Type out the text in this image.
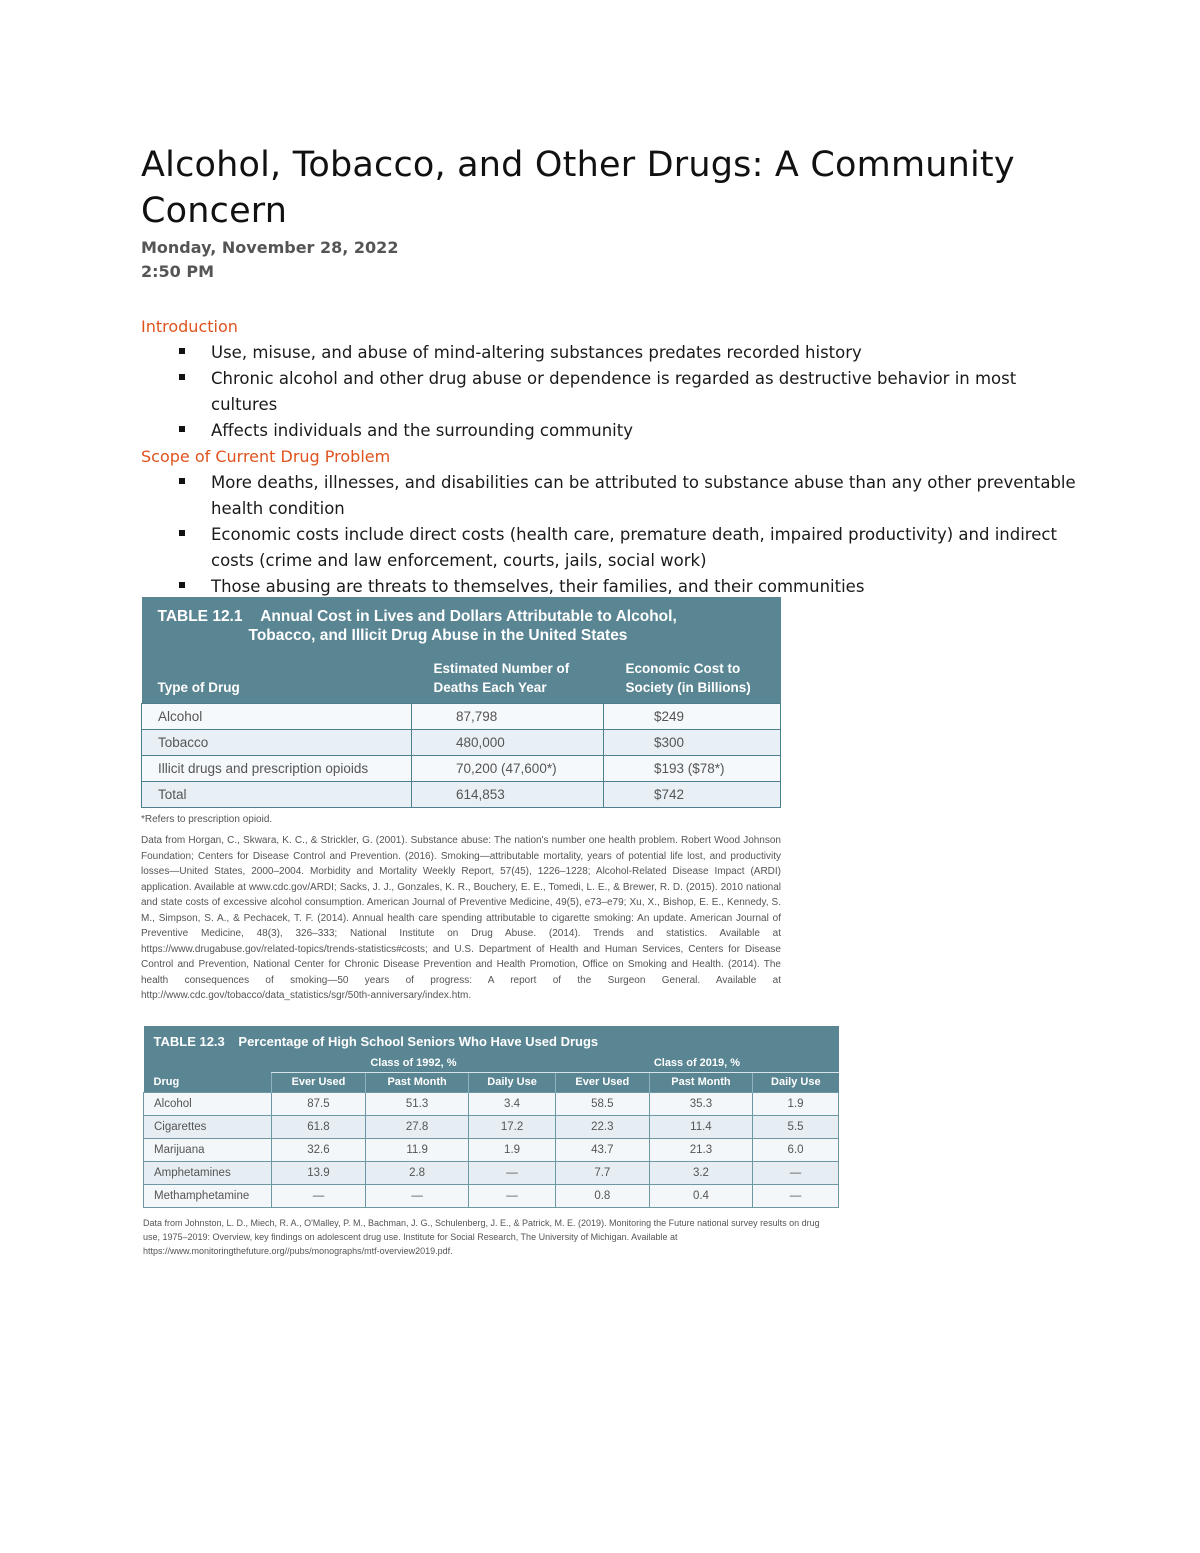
Alcohol, Tobacco, and Other Drugs: A Community Concern
Monday, November 28, 2022
2:50 PM
Introduction
Use, misuse, and abuse of mind-altering substances predates recorded history
Chronic alcohol and other drug abuse or dependence is regarded as destructive behavior in most cultures
Affects individuals and the surrounding community
Scope of Current Drug Problem
More deaths, illnesses, and disabilities can be attributed to substance abuse than any other preventable health condition
Economic costs include direct costs (health care, premature death, impaired productivity) and indirect costs (crime and law enforcement, courts, jails, social work)
Those abusing are threats to themselves, their families, and their communities
TABLE 12.1 Annual Cost in Lives and Dollars Attributable to Alcohol,
Tobacco, and Illicit Drug Abuse in the United States		

Type of Drug	Estimated Number of Deaths Each Year	Economic Cost to Society (in Billions)
Alcohol	87,798	$249
Tobacco	480,000	$300
Illicit drugs and prescription opioids	70,200 (47,600*)	$193 ($78*)
Total	614,853	$742
*Refers to prescription opioid.
Data from Horgan, C., Skwara, K. C., & Strickler, G. (2001). Substance abuse: The nation's number one health problem. Robert Wood Johnson Foundation; Centers for Disease Control and Prevention. (2016). Smoking—attributable mortality, years of potential life lost, and productivity losses—United States, 2000–2004. Morbidity and Mortality Weekly Report, 57(45), 1226–1228; Alcohol-Related Disease Impact (ARDI) application. Available at www.cdc.gov/ARDI; Sacks, J. J., Gonzales, K. R., Bouchery, E. E., Tomedi, L. E., & Brewer, R. D. (2015). 2010 national and state costs of excessive alcohol consumption. American Journal of Preventive Medicine, 49(5), e73–e79; Xu, X., Bishop, E. E., Kennedy, S. M., Simpson, S. A., & Pechacek, T. F. (2014). Annual health care spending attributable to cigarette smoking: An update. American Journal of Preventive Medicine, 48(3), 326–333; National Institute on Drug Abuse. (2014). Trends and statistics. Available at https://www.drugabuse.gov/related-topics/trends-statistics#costs; and U.S. Department of Health and Human Services, Centers for Disease Control and Prevention, National Center for Chronic Disease Prevention and Health Promotion, Office on Smoking and Health. (2014). The health consequences of smoking—50 years of progress: A report of the Surgeon General. Available at http://www.cdc.gov/tobacco/data_statistics/sgr/50th-anniversary/index.htm.
TABLE 12.3 Percentage of High School Seniors Who Have Used Drugs						
	Class of 1992, %			Class of 2019, %		
Drug	Ever Used	Past Month	Daily Use	Ever Used	Past Month	Daily Use
Alcohol	87.5	51.3	3.4	58.5	35.3	1.9
Cigarettes	61.8	27.8	17.2	22.3	11.4	5.5
Marijuana	32.6	11.9	1.9	43.7	21.3	6.0
Amphetamines	13.9	2.8	—	7.7	3.2	—
Methamphetamine	—	—	—	0.8	0.4	—
Data from Johnston, L. D., Miech, R. A., O'Malley, P. M., Bachman, J. G., Schulenberg, J. E., & Patrick, M. E. (2019). Monitoring the Future national survey results on drug use, 1975–2019: Overview, key findings on adolescent drug use. Institute for Social Research, The University of Michigan. Available at https://www.monitoringthefuture.org//pubs/monographs/mtf-overview2019.pdf.
